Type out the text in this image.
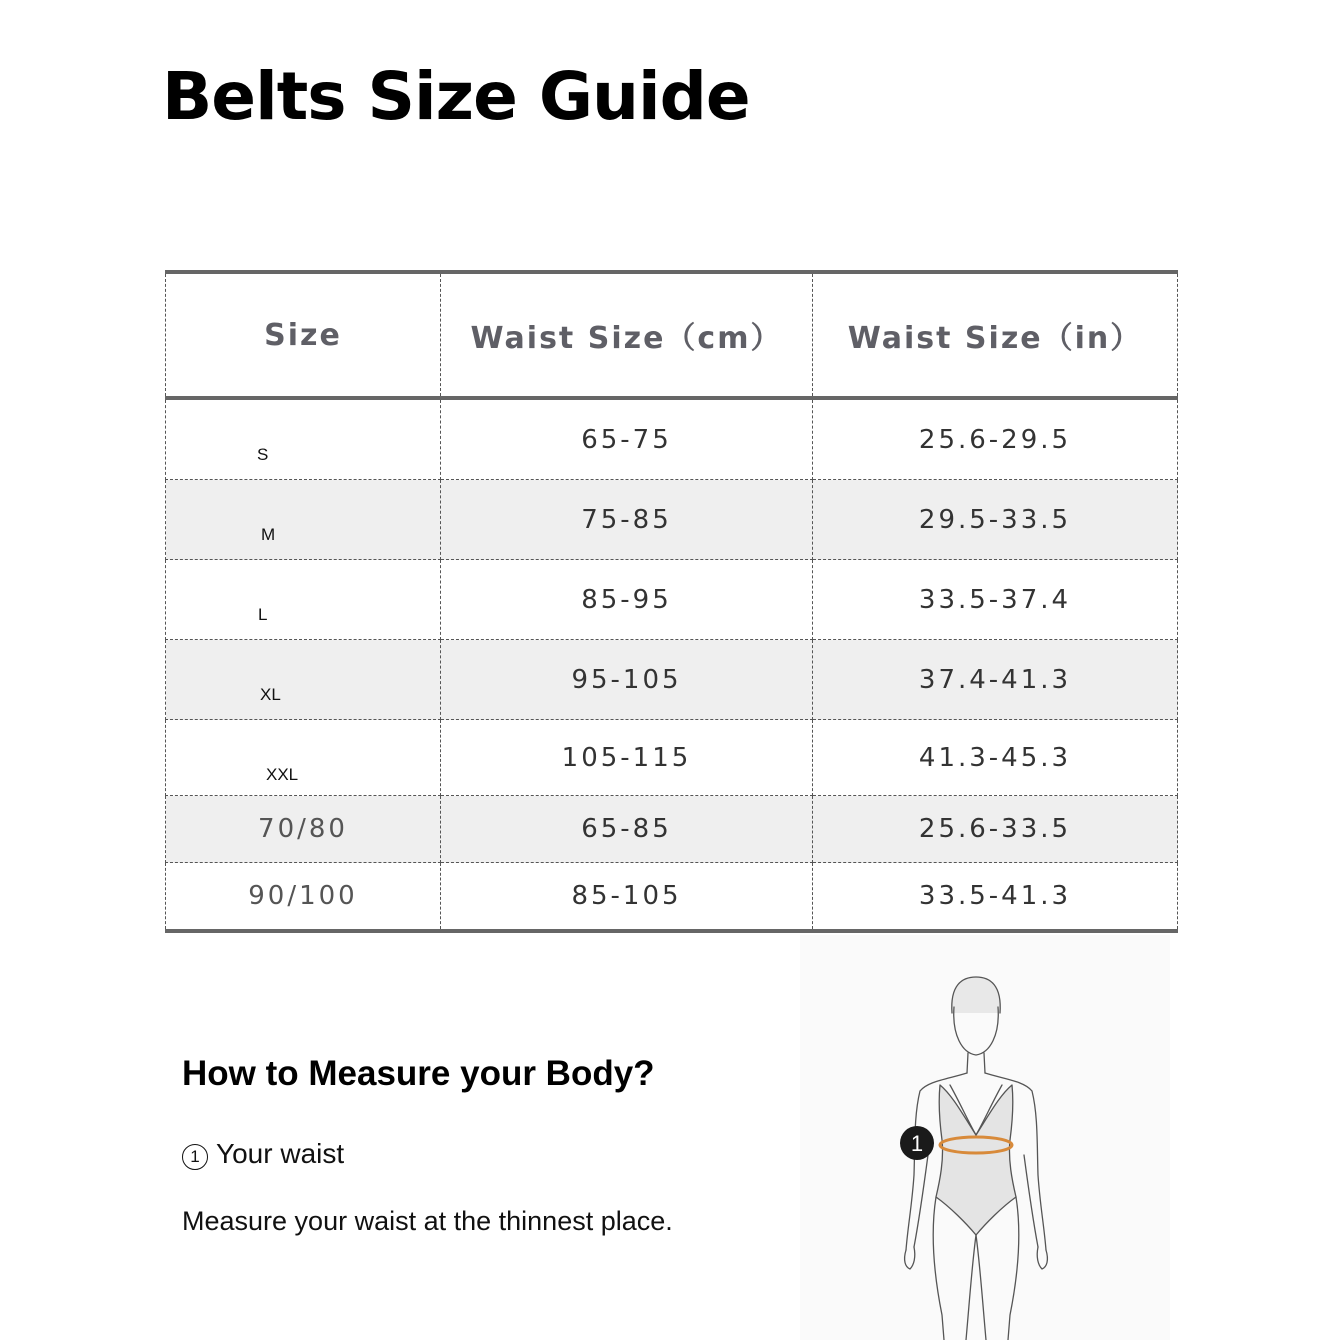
Belts Size Guide
Size	Waist Size（cm）	Waist Size（in）
S	65-75	25.6-29.5
M	75-85	29.5-33.5
L	85-95	33.5-37.4
XL	95-105	37.4-41.3
XXL	105-115	41.3-45.3
70/80	65-85	25.6-33.5
90/100	85-105	33.5-41.3
How to Measure your Body?
1 Your waist
Measure your waist at the thinnest place.
1
